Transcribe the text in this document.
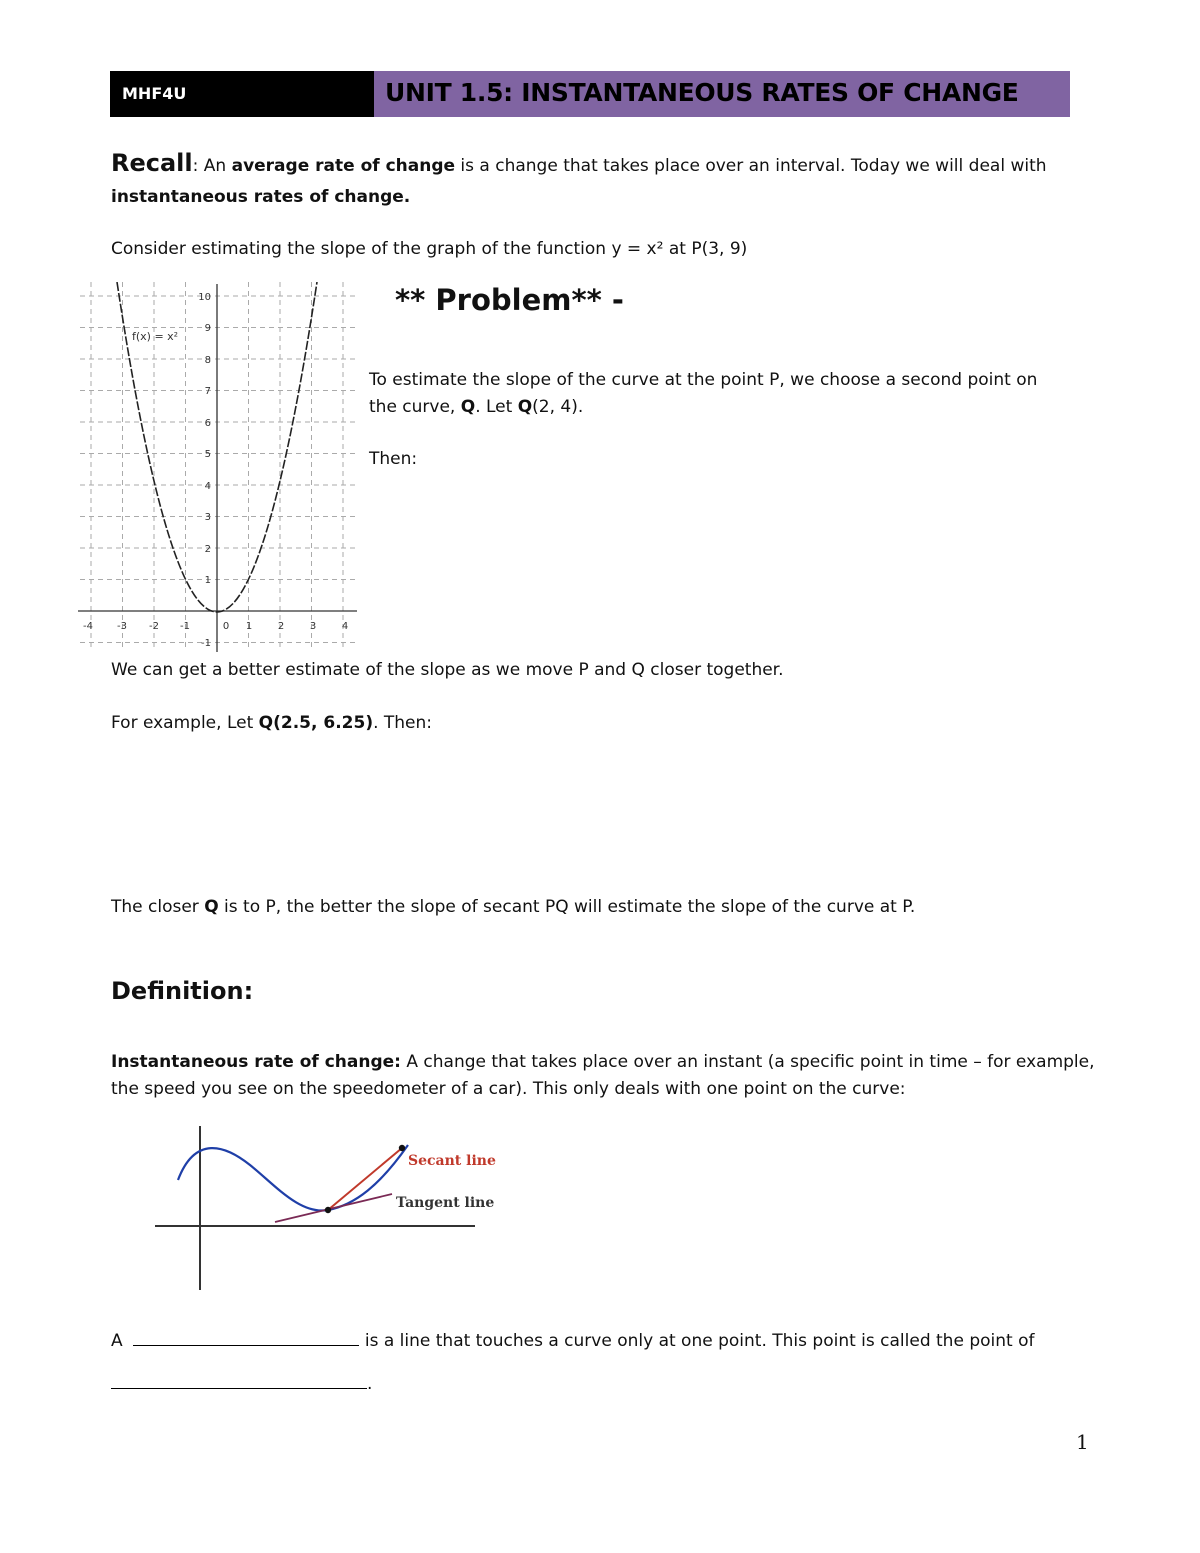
MHF4U	UNIT 1.5: INSTANTANEOUS RATES OF CHANGE
Recall: An average rate of change is a change that takes place over an interval. Today we will deal with
instantaneous rates of change.
Consider estimating the slope of the graph of the function y = x² at P(3, 9)
-4 -3 -2 -1	0 1	2	3	4
10
9
8
7
6
5
4
3
2
1
-1
f(x) = x²
** Problem** -
To estimate the slope of the curve at the point P, we choose a second point on
the curve, Q. Let Q(2, 4).
Then:
We can get a better estimate of the slope as we move P and Q closer together.
For example, Let Q(2.5, 6.25). Then:
The closer Q is to P, the better the slope of secant PQ will estimate the slope of the curve at P.
Definition:
Instantaneous rate of change: A change that takes place over an instant (a specific point in time – for example,
the speed you see on the speedometer of a car). This only deals with one point on the curve:
Secant line
Tangent line
A	is a line that touches a curve only at one point. This point is called the point of
.
1
